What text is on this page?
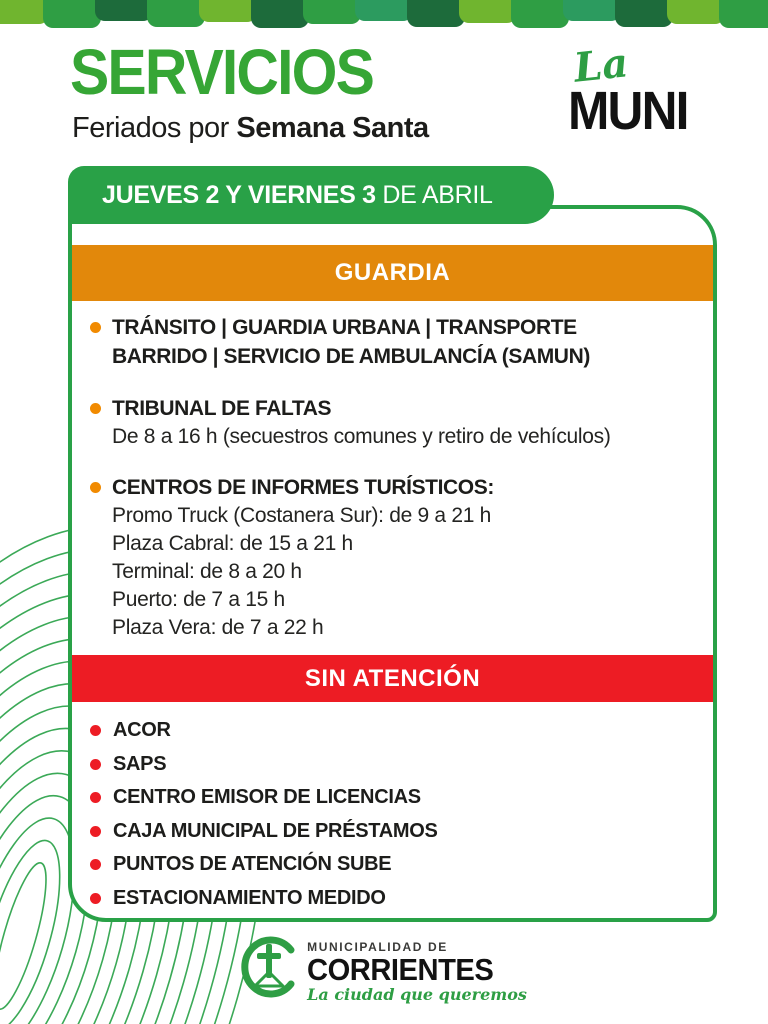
SERVICIOS
Feriados por Semana Santa
La
MUNI
JUEVES 2 Y VIERNES 3 DE ABRIL
GUARDIA
TRÁNSITO | GUARDIA URBANA | TRANSPORTE
BARRIDO | SERVICIO DE AMBULANCÍA (SAMUN)
TRIBUNAL DE FALTAS
De 8 a 16 h (secuestros comunes y retiro de vehículos)
CENTROS DE INFORMES TURÍSTICOS:
Promo Truck (Costanera Sur): de 9 a 21 h
Plaza Cabral: de 15 a 21 h
Terminal: de 8 a 20 h
Puerto: de 7 a 15 h
Plaza Vera: de 7 a 22 h
SIN ATENCIÓN
ACOR
SAPS
CENTRO EMISOR DE LICENCIAS
CAJA MUNICIPAL DE PRÉSTAMOS
PUNTOS DE ATENCIÓN SUBE
ESTACIONAMIENTO MEDIDO
MUNICIPALIDAD DE
CORRIENTES
La ciudad que queremos
